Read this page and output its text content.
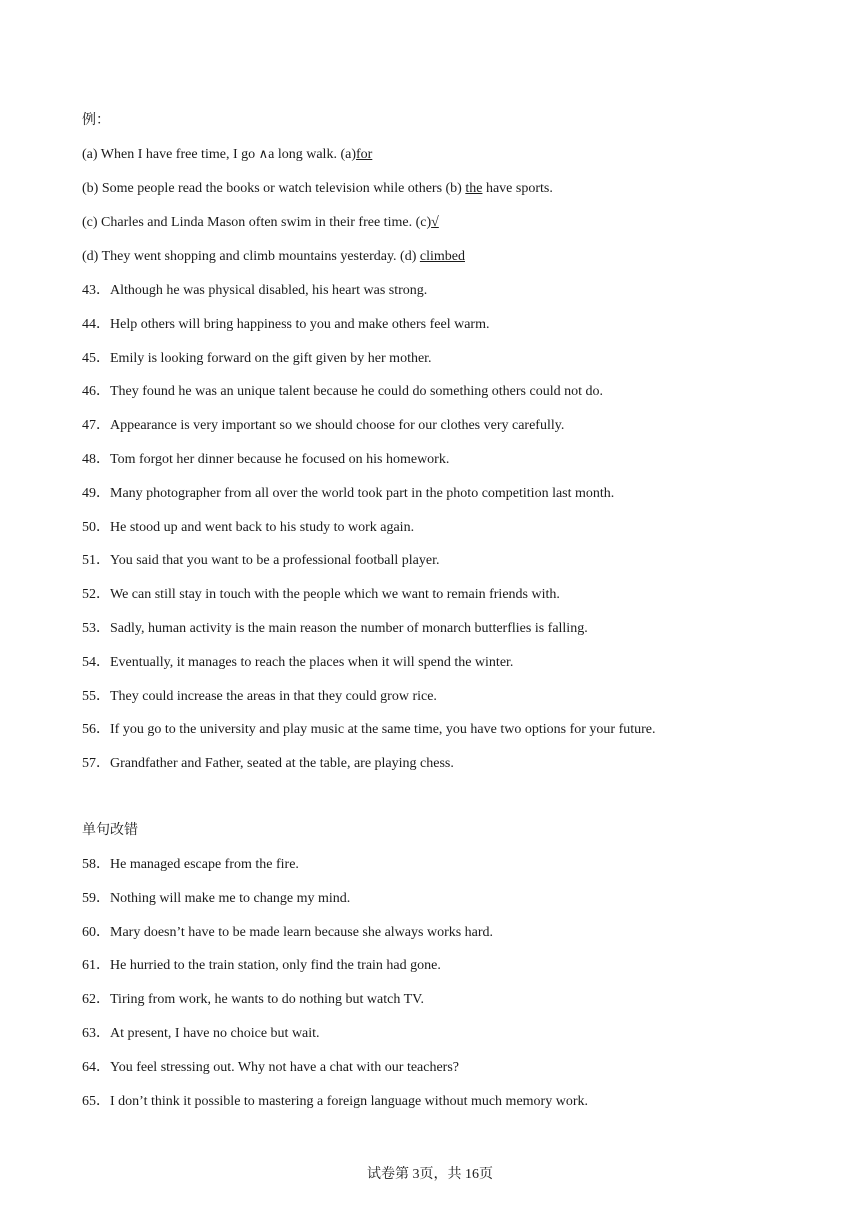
例：
(a) When I have free time, I go ∧a long walk. (a)for
(b) Some people read the books or watch television while others (b) the have sports.
(c) Charles and Linda Mason often swim in their free time. (c)√
(d) They went shopping and climb mountains yesterday. (d) climbed
43．Although he was physical disabled, his heart was strong.
44．Help others will bring happiness to you and make others feel warm.
45．Emily is looking forward on the gift given by her mother.
46．They found he was an unique talent because he could do something others could not do.
47．Appearance is very important so we should choose for our clothes very carefully.
48．Tom forgot her dinner because he focused on his homework.
49．Many photographer from all over the world took part in the photo competition last month.
50．He stood up and went back to his study to work again.
51．You said that you want to be a professional football player.
52．We can still stay in touch with the people which we want to remain friends with.
53．Sadly, human activity is the main reason the number of monarch butterflies is falling.
54．Eventually, it manages to reach the places when it will spend the winter.
55．They could increase the areas in that they could grow rice.
56．If you go to the university and play music at the same time, you have two options for your future.
57．Grandfather and Father, seated at the table, are playing chess.
单句改错
58．He managed escape from the fire.
59．Nothing will make me to change my mind.
60．Mary doesn’t have to be made learn because she always works hard.
61．He hurried to the train station, only find the train had gone.
62．Tiring from work, he wants to do nothing but watch TV.
63．At present, I have no choice but wait.
64．You feel stressing out. Why not have a chat with our teachers?
65．I don’t think it possible to mastering a foreign language without much memory work.
试卷第 3页，共 16页
